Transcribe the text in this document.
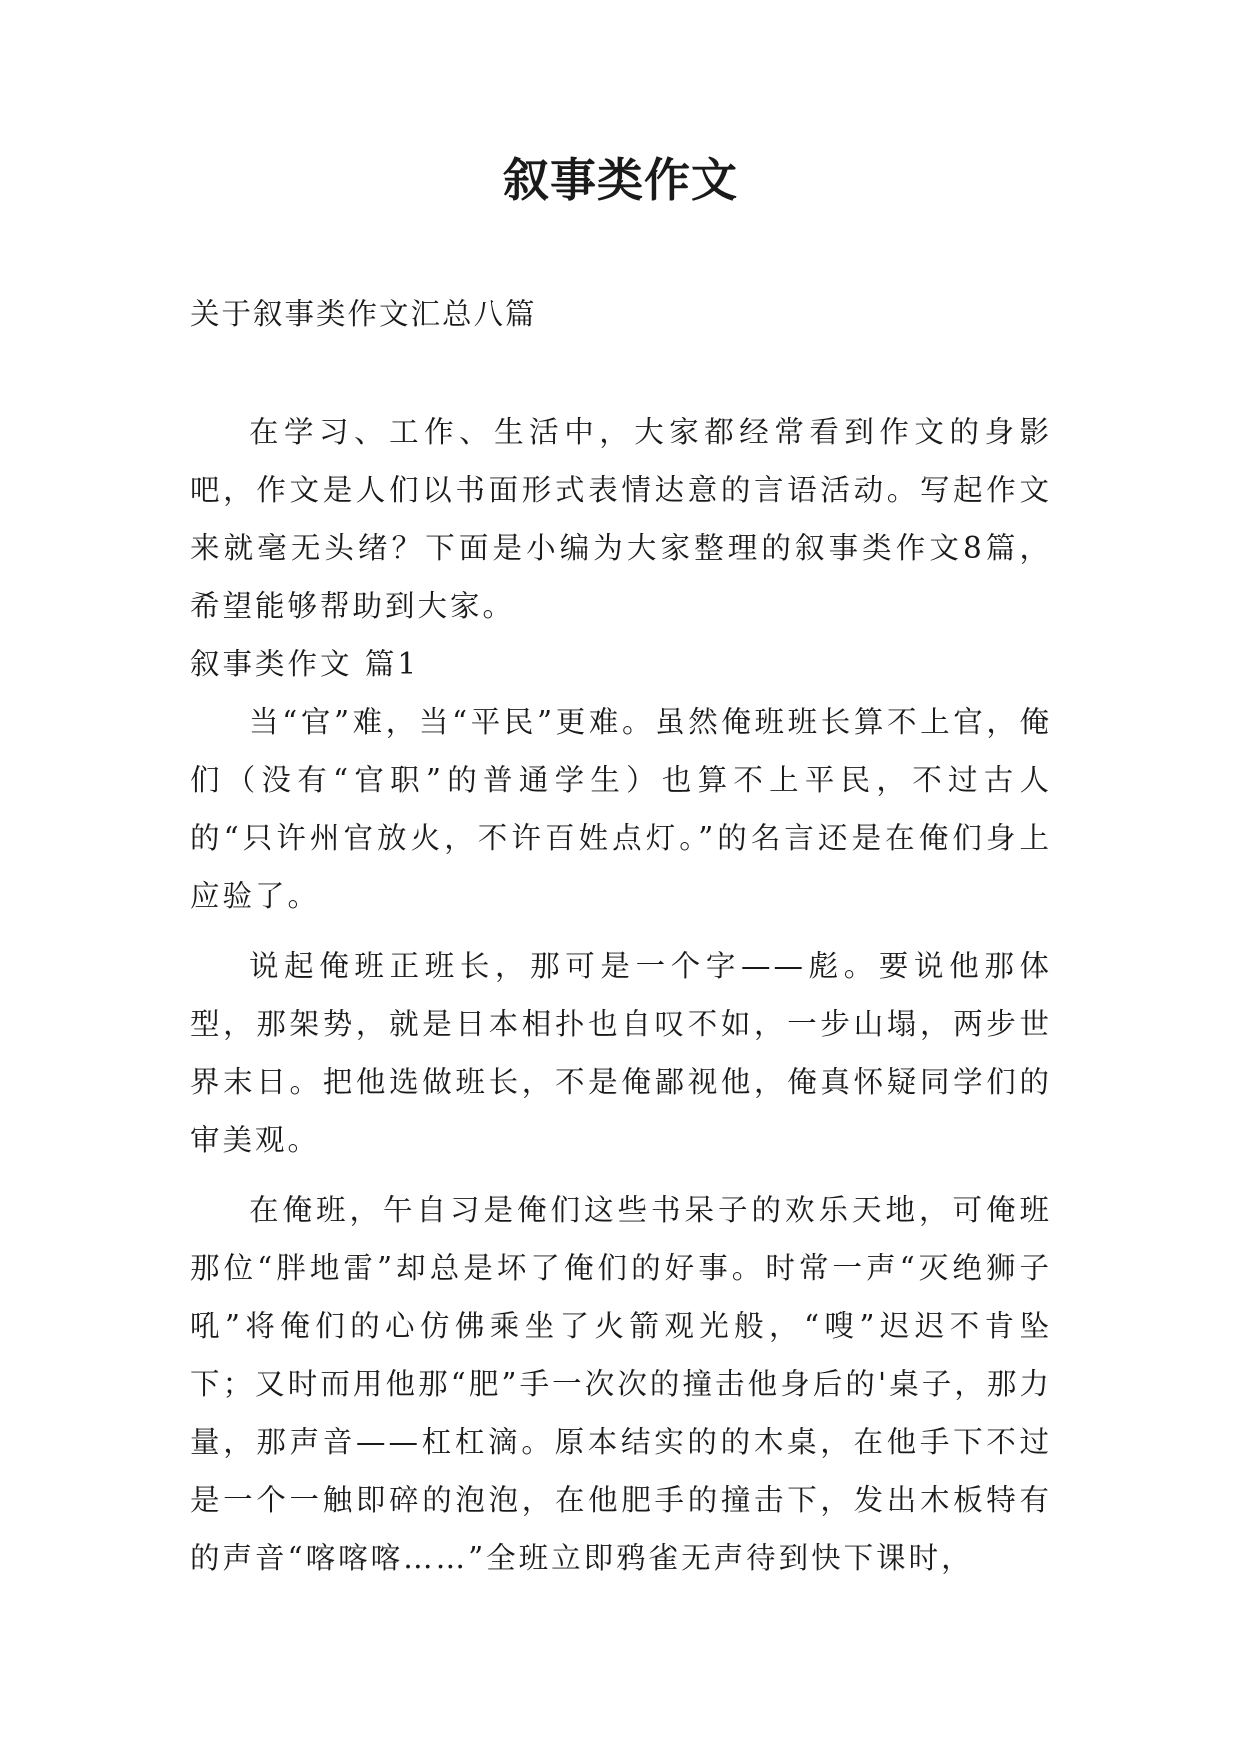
叙事类作文

关于叙事类作文汇总八篇

在学习、工作、生活中，大家都经常看到作文的身影吧，作文是人们以书面形式表情达意的言语活动。写起作文来就毫无头绪？下面是小编为大家整理的叙事类作文8篇，希望能够帮助到大家。

叙事类作文 篇1

当“官”难，当“平民”更难。虽然俺班班长算不上官，俺们（没有“官职”的普通学生）也算不上平民，不过古人的“只许州官放火，不许百姓点灯。”的名言还是在俺们身上应验了。

说起俺班正班长，那可是一个字——彪。要说他那体型，那架势，就是日本相扑也自叹不如，一步山塌，两步世界末日。把他选做班长，不是俺鄙视他，俺真怀疑同学们的审美观。

在俺班，午自习是俺们这些书呆子的欢乐天地，可俺班那位“胖地雷”却总是坏了俺们的好事。时常一声“灭绝狮子吼”将俺们的心仿佛乘坐了火箭观光般，“嗖”迟迟不肯坠下；又时而用他那“肥”手一次次的撞击他身后的'桌子，那力量，那声音——杠杠滴。原本结实的的木桌，在他手下不过是一个一触即碎的泡泡，在他肥手的撞击下，发出木板特有的声音“喀喀喀……”全班立即鸦雀无声待到快下课时，
